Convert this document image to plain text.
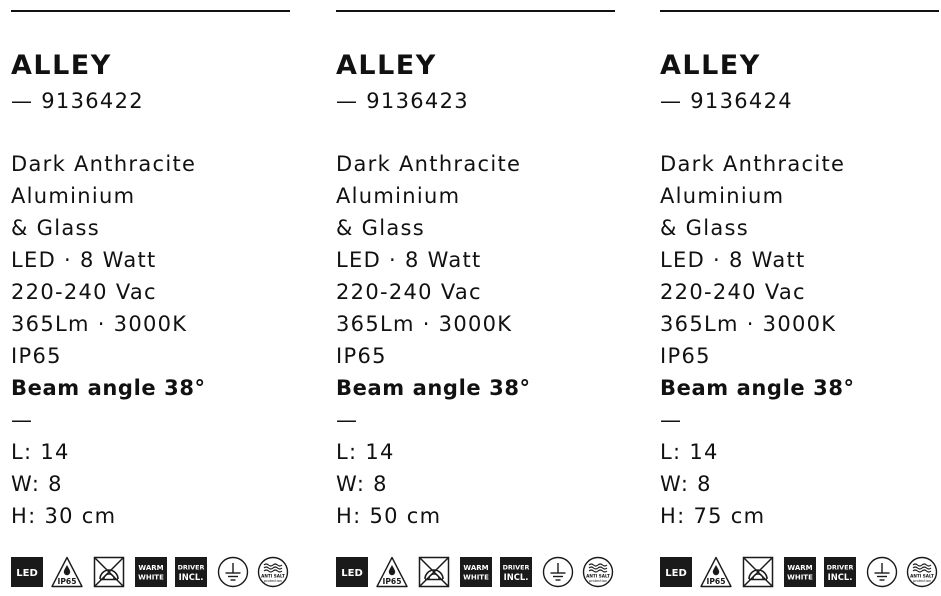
ALLEY
— 9136422
Dark Anthracite
Aluminium
& Glass
LED · 8 Watt
220-240 Vac
365Lm · 3000K
IP65
Beam angle 38°
—
L: 14
W: 8
H: 30 cm
LED
IP65
WARM
WHITE
DRIVER
INCL.	ANTI SALT
protection
ALLEY
— 9136423
Dark Anthracite
Aluminium
& Glass
LED · 8 Watt
220-240 Vac
365Lm · 3000K
IP65
Beam angle 38°
—
L: 14
W: 8
H: 50 cm
LED
IP65
WARM
WHITE
DRIVER
INCL.	ANTI SALT
protection
ALLEY
— 9136424
Dark Anthracite
Aluminium
& Glass
LED · 8 Watt
220-240 Vac
365Lm · 3000K
IP65
Beam angle 38°
—
L: 14
W: 8
H: 75 cm
LED
IP65
WARM
WHITE
DRIVER
INCL.	ANTI SALT
protection
